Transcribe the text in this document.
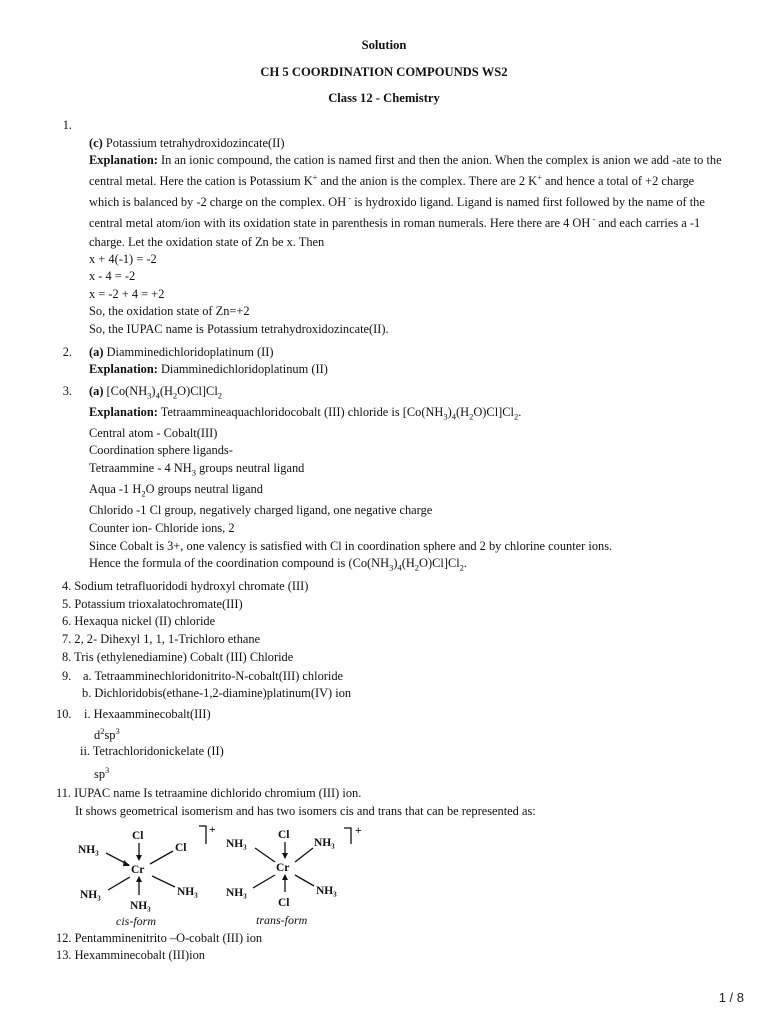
Solution
CH 5 COORDINATION COMPOUNDS WS2
Class 12 - Chemistry
1.
(c) Potassium tetrahydroxidozincate(II)
Explanation: In an ionic compound, the cation is named first and then the anion. When the complex is anion we add -ate to the
central metal. Here the cation is Potassium K+ and the anion is the complex. There are 2 K+ and hence a total of +2 charge
which is balanced by -2 charge on the complex. OH - is hydroxido ligand. Ligand is named first followed by the name of the
central metal atom/ion with its oxidation state in parenthesis in roman numerals. Here there are 4 OH - and each carries a -1
charge. Let the oxidation state of Zn be x. Then
x + 4(-1) = -2
x - 4 = -2
x = -2 + 4 = +2
So, the oxidation state of Zn=+2
So, the IUPAC name is Potassium tetrahydroxidozincate(II).
2. (a) Diamminedichloridoplatinum (II)
Explanation: Diamminedichloridoplatinum (II)
3. (a) $[Co(NH_3)_4(H_2O)Cl]Cl_2$
Explanation: Tetraammineaquachloridocobalt (III) chloride is $[Co(NH_3)_4(H_2O)Cl]Cl_2$.
Central atom - Cobalt(III)
Coordination sphere ligands-
Tetraammine - 4 $NH_3$ groups neutral ligand
Aqua -1 $H_2O$ groups neutral ligand
Chlorido -1 Cl group, negatively charged ligand, one negative charge
Counter ion- Chloride ions, 2
Since Cobalt is 3+, one valency is satisfied with Cl in coordination sphere and 2 by chlorine counter ions.
Hence the formula of the coordination compound is $(Co(NH_3)_4(H_2O)Cl]Cl_2$.
4. Sodium tetrafluoridodi hydroxyl chromate (III)
5. Potassium trioxalatochromate(III)
6. Hexaqua nickel (II) chloride
7. 2, 2- Dihexyl 1, 1, 1-Trichloro ethane
8. Tris (ethylenediamine) Cobalt (III) Chloride
9. a. Tetraamminechloridonitrito-N-cobalt(III) chloride
b. Dichloridobis(ethane-1,2-diamine)platinum(IV) ion
10. i. Hexaamminecobalt(III)
$d^2sp^3$
ii. Tetrachloridonickelate (II)
$sp^3$
11. IUPAC name Is tetraamine dichlorido chromium (III) ion.
It shows geometrical isomerism and has two isomers cis and trans that can be represented as:
Cl
NH₃	Cl
Cr
NH₃	NH₃
NH₃
cis-form
+	Cl
NH₃	NH₃
Cr
NH₃	NH₃
Cl
trans-form
+
12. Pentamminenitrito –O-cobalt (III) ion
13. Hexamminecobalt (III)ion
1 / 8
